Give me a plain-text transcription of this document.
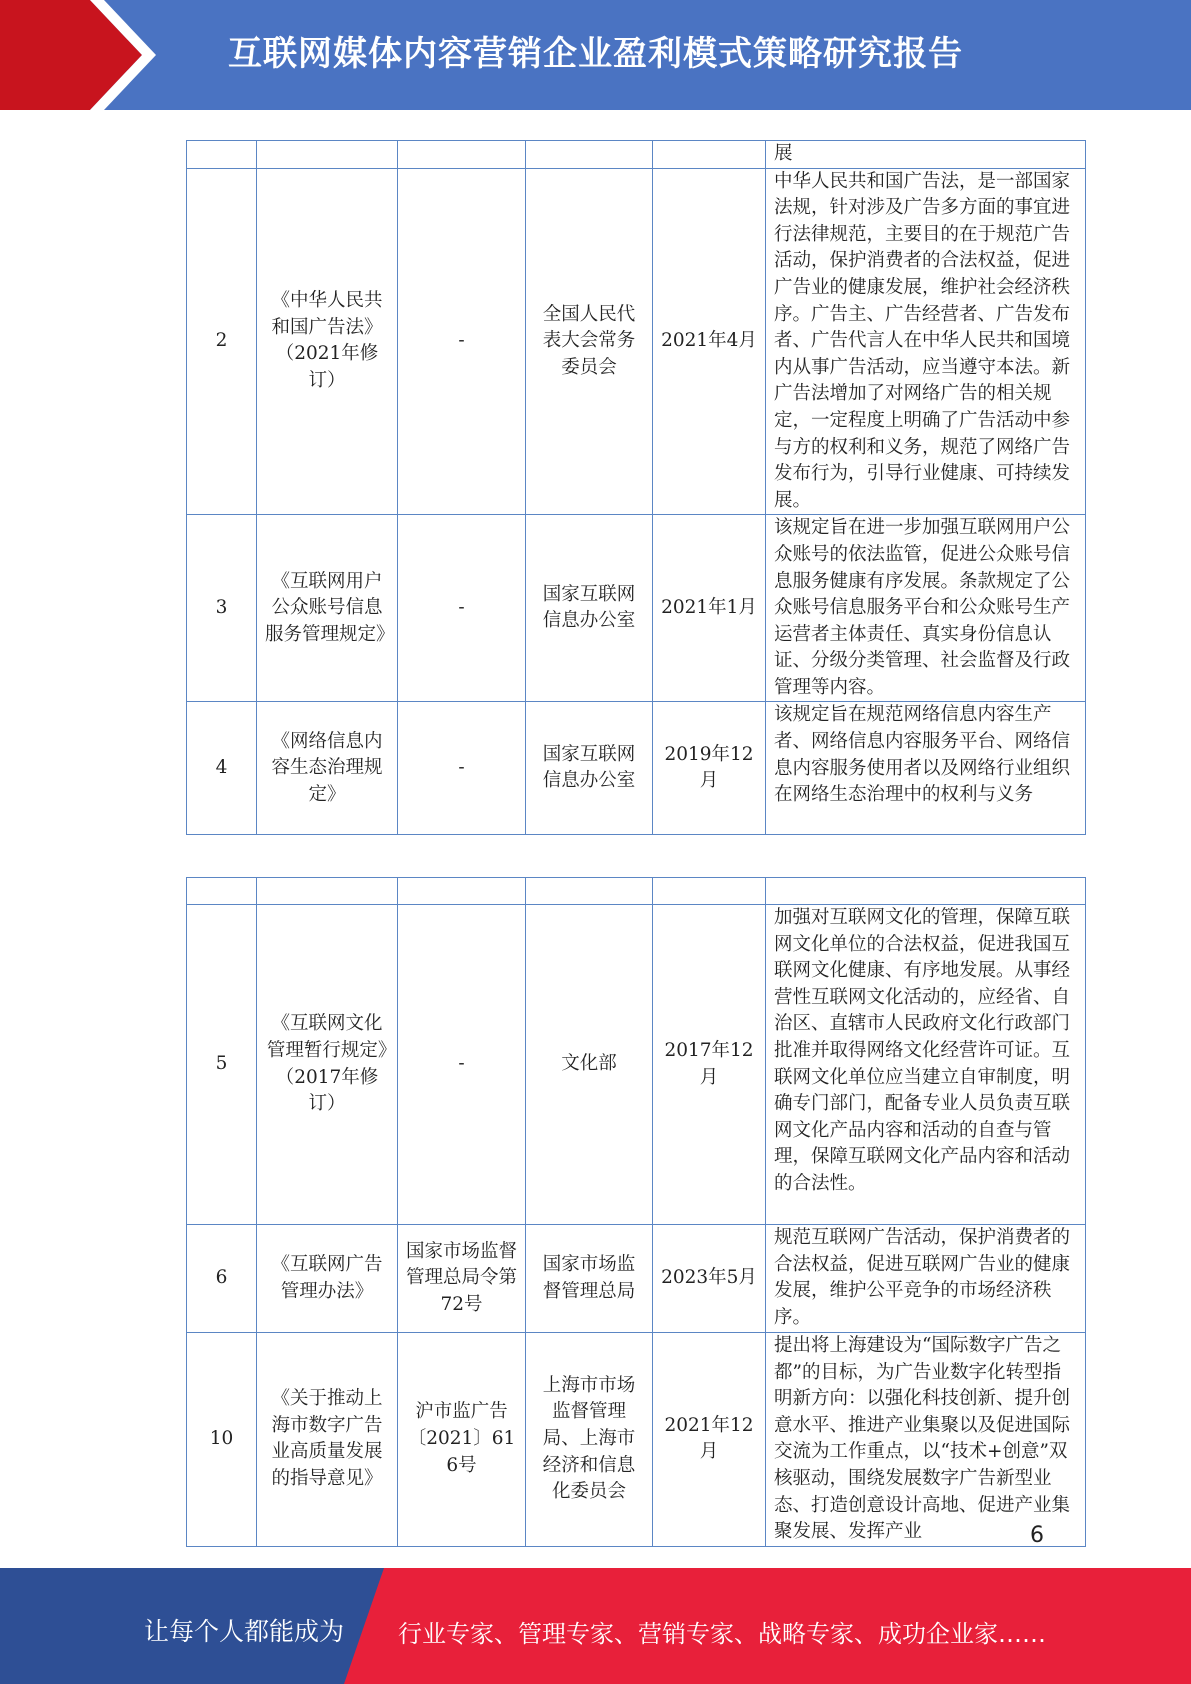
互联网媒体内容营销企业盈利模式策略研究报告
					展
2	《中华人民共和国广告法》（2021年修订）	-	全国人民代表大会常务委员会	2021年4月	中华人民共和国广告法，是一部国家法规，针对涉及广告多方面的事宜进行法律规范，主要目的在于规范广告活动，保护消费者的合法权益，促进广告业的健康发展，维护社会经济秩序。广告主、广告经营者、广告发布者、广告代言人在中华人民共和国境内从事广告活动，应当遵守本法。新广告法增加了对网络广告的相关规定，一定程度上明确了广告活动中参与方的权利和义务，规范了网络广告发布行为，引导行业健康、可持续发展。
3	《互联网用户公众账号信息服务管理规定》	-	国家互联网信息办公室	2021年1月	该规定旨在进一步加强互联网用户公众账号的依法监管，促进公众账号信息服务健康有序发展。条款规定了公众账号信息服务平台和公众账号生产运营者主体责任、真实身份信息认证、分级分类管理、社会监督及行政管理等内容。
4	《网络信息内容生态治理规定》	-	国家互联网信息办公室	2019年12月	该规定旨在规范网络信息内容生产者、网络信息内容服务平台、网络信息内容服务使用者以及网络行业组织在网络生态治理中的权利与义务

5	《互联网文化管理暂行规定》（2017年修订）	-	文化部	2017年12月	加强对互联网文化的管理，保障互联网文化单位的合法权益，促进我国互联网文化健康、有序地发展。从事经营性互联网文化活动的，应经省、自治区、直辖市人民政府文化行政部门批准并取得网络文化经营许可证。互联网文化单位应当建立自审制度，明确专门部门，配备专业人员负责互联网文化产品内容和活动的自查与管理，保障互联网文化产品内容和活动的合法性。
6	《互联网广告管理办法》	国家市场监督管理总局令第72号	国家市场监督管理总局	2023年5月	规范互联网广告活动，保护消费者的合法权益，促进互联网广告业的健康发展，维护公平竞争的市场经济秩序。
10	《关于推动上海市数字广告业高质量发展的指导意见》	沪市监广告〔2021〕616号	上海市市场监督管理局、上海市经济和信息化委员会	2021年12月	提出将上海建设为“国际数字广告之都”的目标，为广告业数字化转型指明新方向：以强化科技创新、提升创意水平、推进产业集聚以及促进国际交流为工作重点，以“技术+创意”双核驱动，围绕发展数字广告新型业态、打造创意设计高地、促进产业集聚发展、发挥产业	6
让每个人都能成为 行业专家、管理专家、营销专家、战略专家、成功企业家……
